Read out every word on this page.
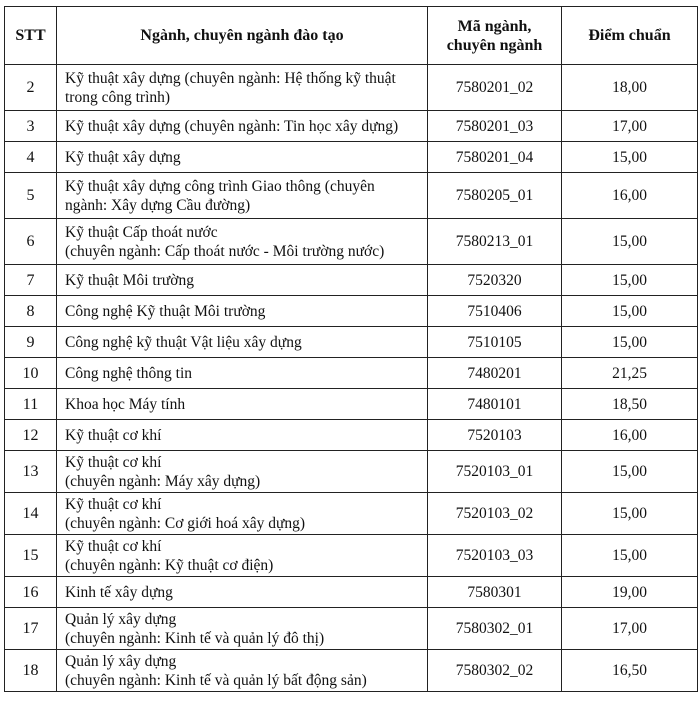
STT	Ngành, chuyên ngành đào tạo	Mã ngành,
chuyên ngành	Điểm chuẩn
2	Kỹ thuật xây dựng (chuyên ngành: Hệ thống kỹ thuật
trong công trình)	7580201_02	18,00
3	Kỹ thuật xây dựng (chuyên ngành: Tin học xây dựng)	7580201_03	17,00
4	Kỹ thuật xây dựng	7580201_04	15,00
5	Kỹ thuật xây dựng công trình Giao thông (chuyên
ngành: Xây dựng Cầu đường)	7580205_01	16,00
6	Kỹ thuật Cấp thoát nước
(chuyên ngành: Cấp thoát nước - Môi trường nước)	7580213_01	15,00
7	Kỹ thuật Môi trường	7520320	15,00
8	Công nghệ Kỹ thuật Môi trường	7510406	15,00
9	Công nghệ kỹ thuật Vật liệu xây dựng	7510105	15,00
10	Công nghệ thông tin	7480201	21,25
11	Khoa học Máy tính	7480101	18,50
12	Kỹ thuật cơ khí	7520103	16,00
13	Kỹ thuật cơ khí
(chuyên ngành: Máy xây dựng)	7520103_01	15,00
14	Kỹ thuật cơ khí
(chuyên ngành: Cơ giới hoá xây dựng)	7520103_02	15,00
15	Kỹ thuật cơ khí
(chuyên ngành: Kỹ thuật cơ điện)	7520103_03	15,00
16	Kinh tế xây dựng	7580301	19,00
17	Quản lý xây dựng
(chuyên ngành: Kinh tế và quản lý đô thị)	7580302_01	17,00
18	Quản lý xây dựng
(chuyên ngành: Kinh tế và quản lý bất động sản)	7580302_02	16,50
